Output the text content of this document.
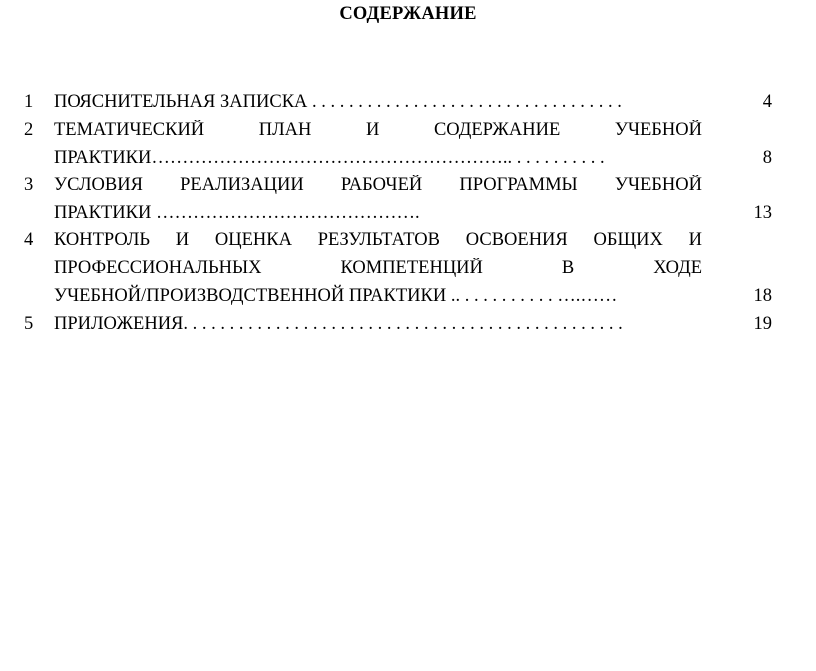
СОДЕРЖАНИЕ
1	ПОЯСНИТЕЛЬНАЯ ЗАПИСКА . . . . . . . . . . . . . . . . . . . . . . . . . . . . . . . . . .	4
2	ТЕМАТИЧЕСКИЙ ПЛАН И СОДЕРЖАНИЕ УЧЕБНОЙ
ПРАКТИКИ………………………………………………….. . . . . . . . . . .	8
3	УСЛОВИЯ РЕАЛИЗАЦИИ РАБОЧЕЙ ПРОГРАММЫ УЧЕБНОЙ
ПРАКТИКИ …………………………………….	13
4	КОНТРОЛЬ И ОЦЕНКА РЕЗУЛЬТАТОВ ОСВОЕНИЯ ОБЩИХ И
ПРОФЕССИОНАЛЬНЫХ КОМПЕТЕНЦИЙ В ХОДЕ
УЧЕБНОЙ/ПРОИЗВОДСТВЕННОЙ ПРАКТИКИ .. . . . . . . . . . . ….……	18
5	ПРИЛОЖЕНИЯ. . . . . . . . . . . . . . . . . . . . . . . . . . . . . . . . . . . . . . . . . . . . . . . .	19
